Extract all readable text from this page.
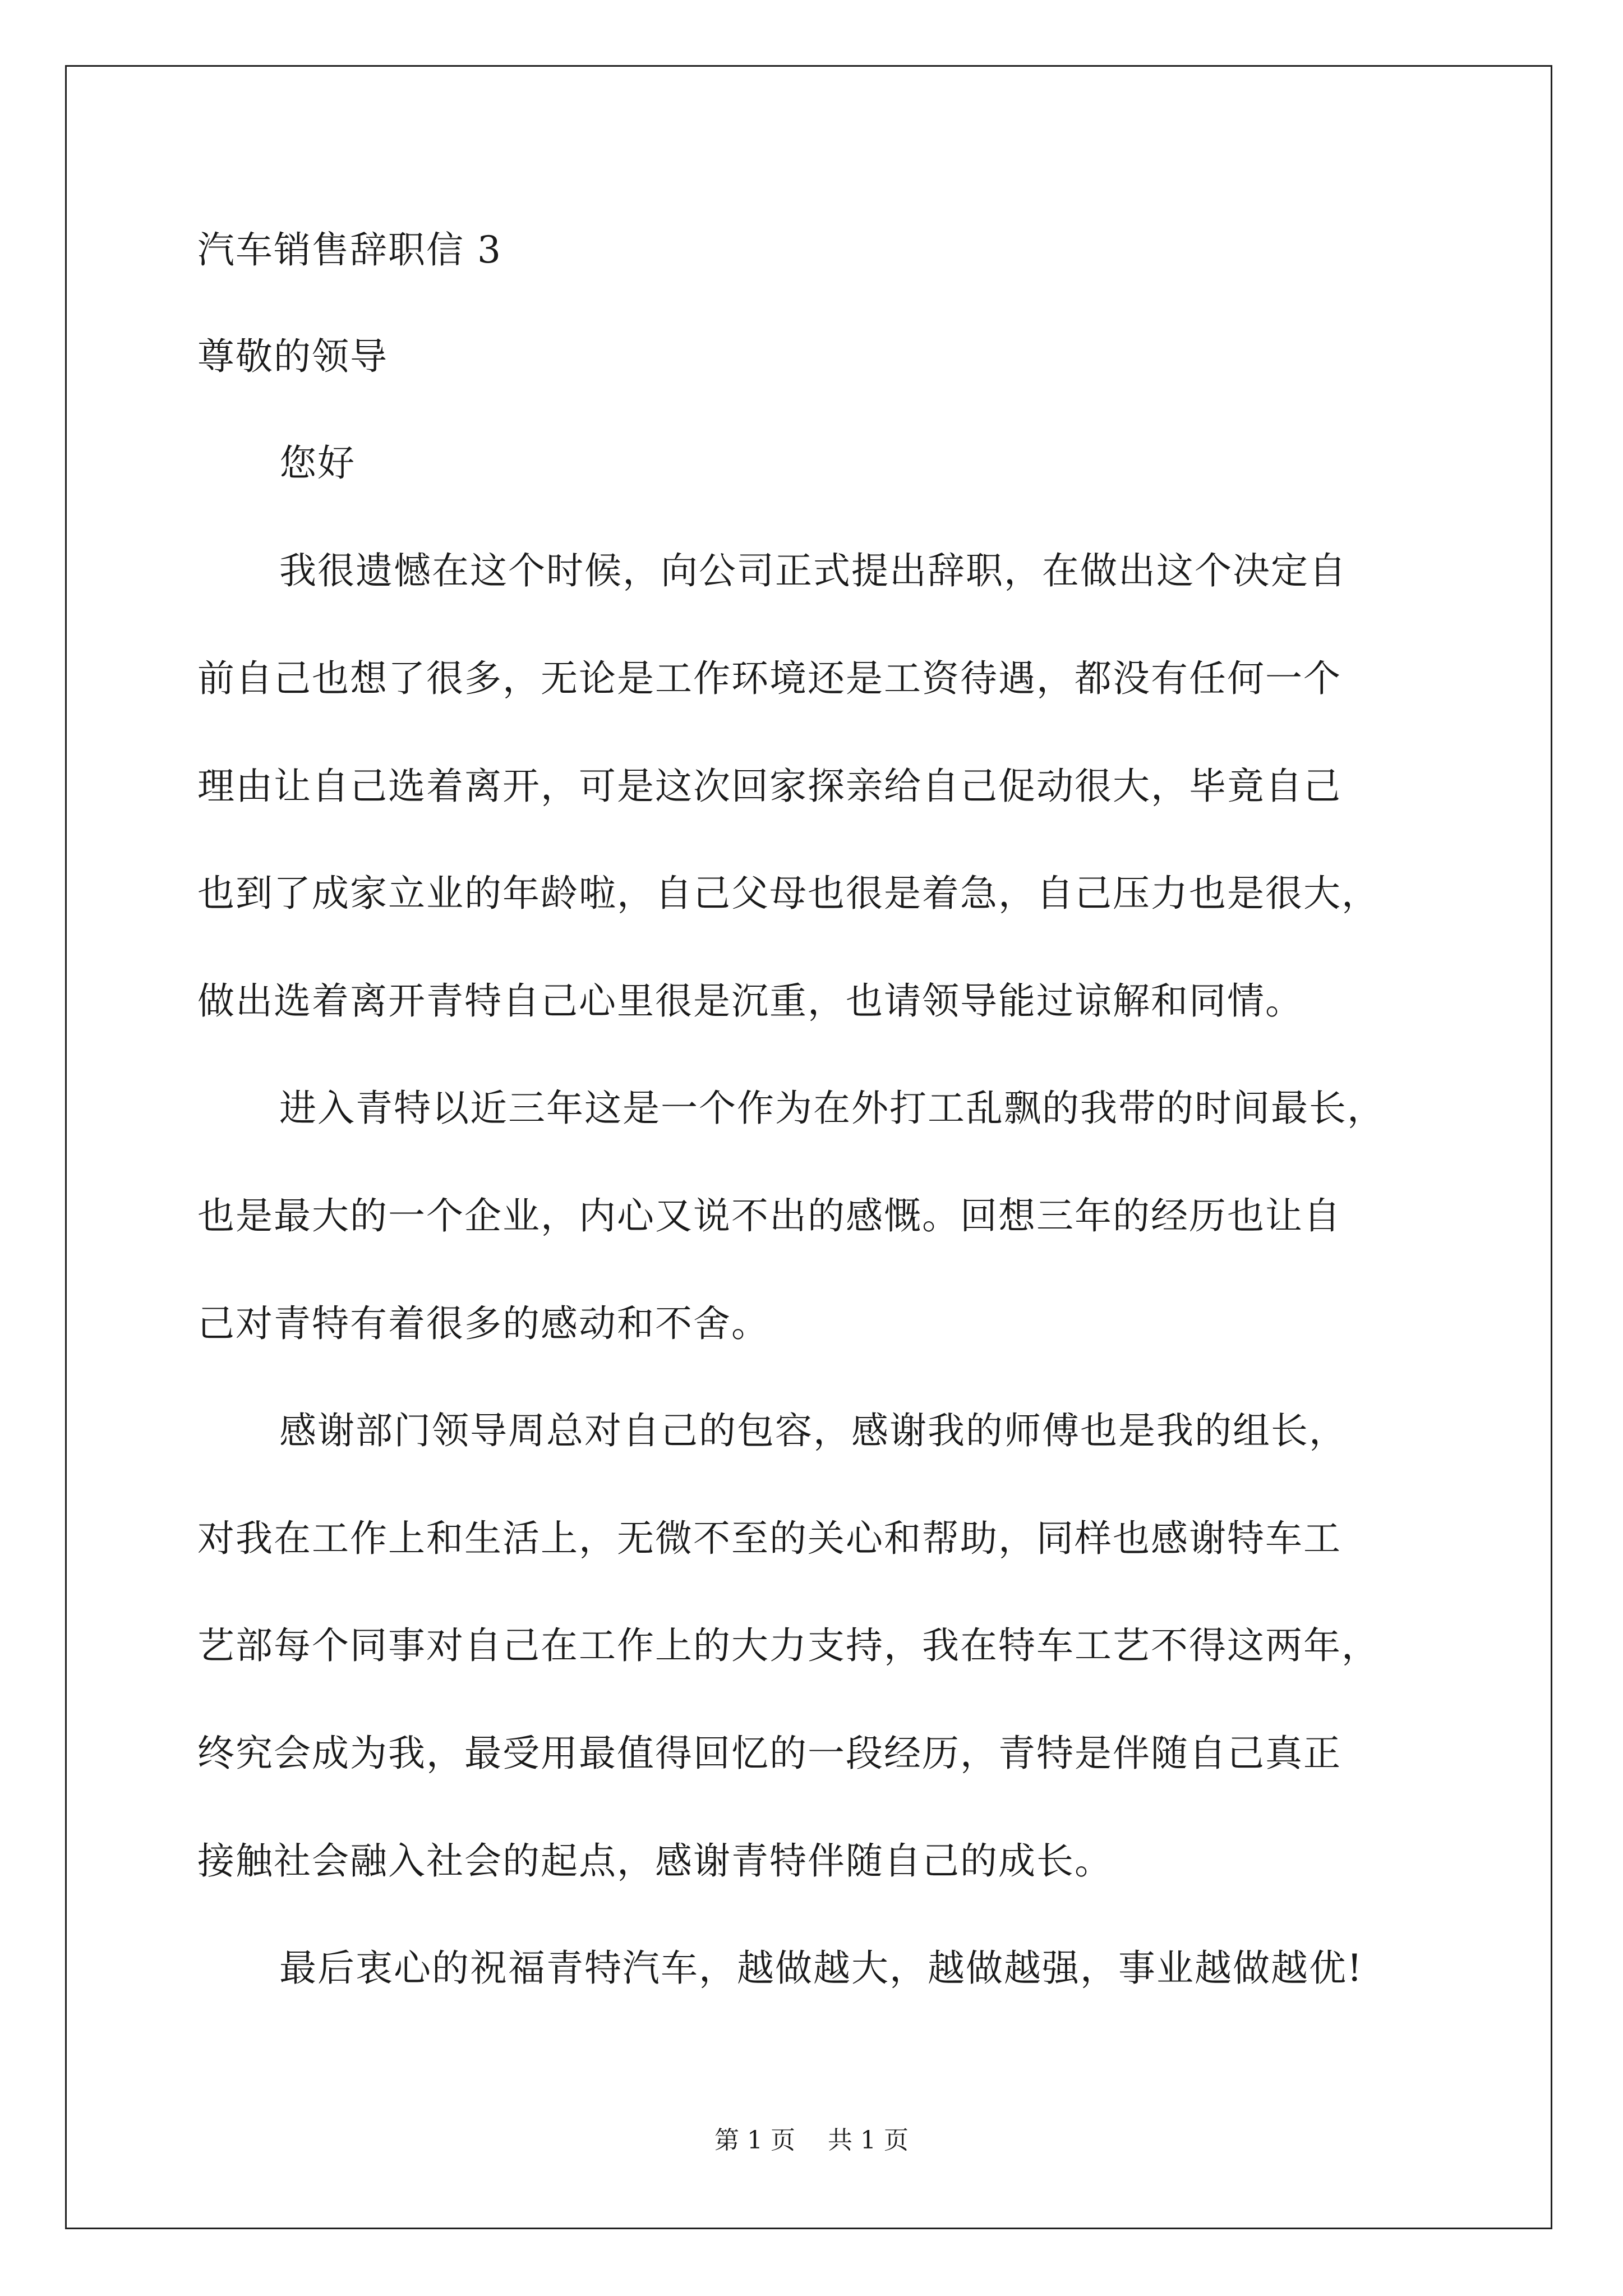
汽车销售辞职信 3
尊敬的领导
您好
我很遗憾在这个时候，向公司正式提出辞职，在做出这个决定自
前自己也想了很多，无论是工作环境还是工资待遇，都没有任何一个
理由让自己选着离开，可是这次回家探亲给自己促动很大，毕竟自己
也到了成家立业的年龄啦，自己父母也很是着急，自己压力也是很大，
做出选着离开青特自己心里很是沉重，也请领导能过谅解和同情。
进入青特以近三年这是一个作为在外打工乱飘的我带的时间最长，
也是最大的一个企业，内心又说不出的感慨。回想三年的经历也让自
己对青特有着很多的感动和不舍。
感谢部门领导周总对自己的包容，感谢我的师傅也是我的组长，
对我在工作上和生活上，无微不至的关心和帮助，同样也感谢特车工
艺部每个同事对自己在工作上的大力支持，我在特车工艺不得这两年，
终究会成为我，最受用最值得回忆的一段经历，青特是伴随自己真正
接触社会融入社会的起点，感谢青特伴随自己的成长。
最后衷心的祝福青特汽车，越做越大，越做越强，事业越做越优!
第 1 页　 共 1 页
